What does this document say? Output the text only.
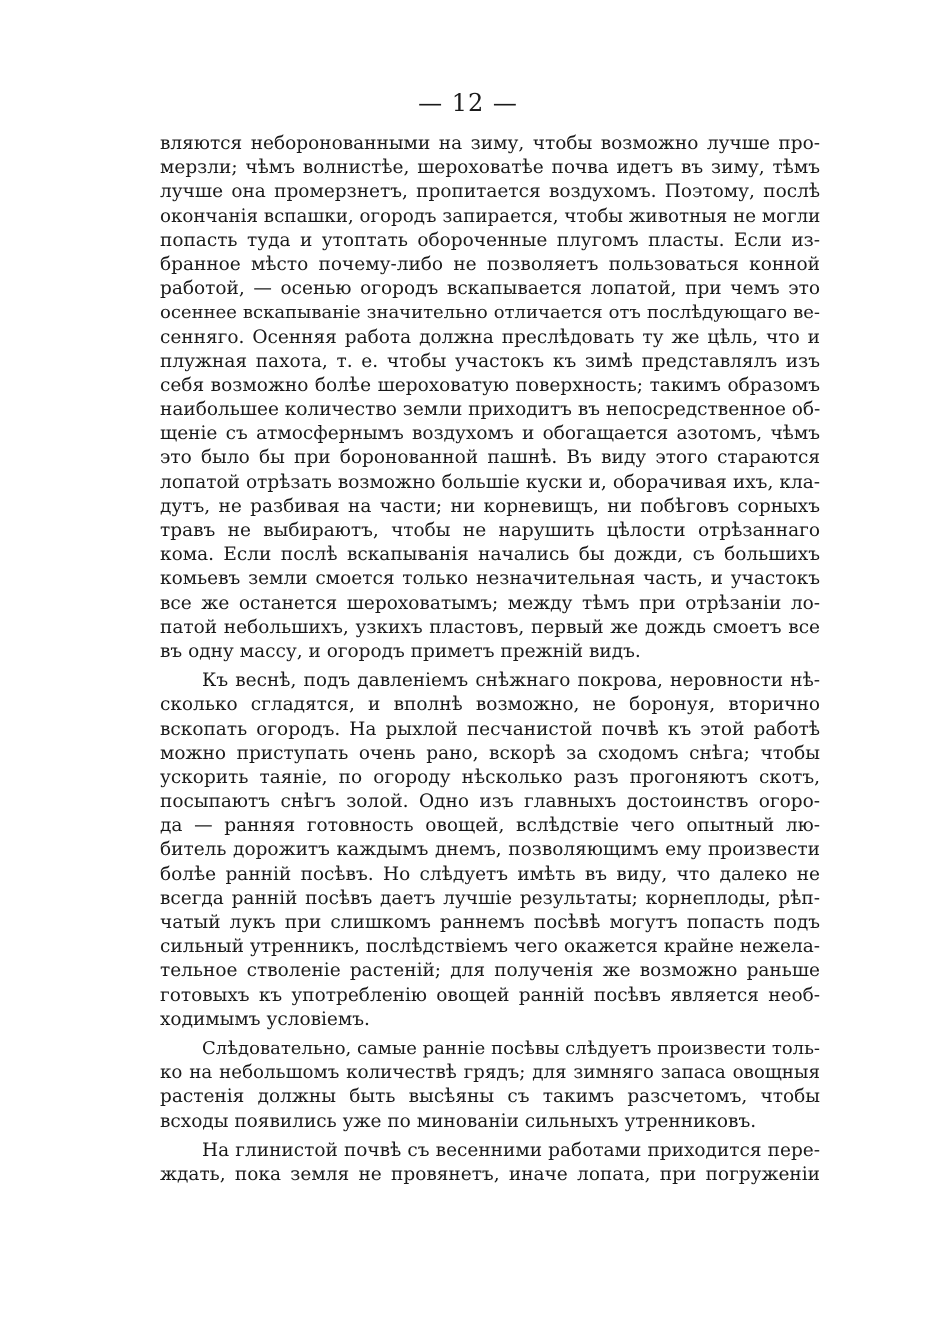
— 12 —
вляются неборонованными на зиму, чтобы возможно лучше про-
мерзли; чѣмъ волнистѣе, шероховатѣе почва идетъ въ зиму, тѣмъ
лучше она промерзнетъ, пропитается воздухомъ. Поэтому, послѣ
окончанія вспашки, огородъ запирается, чтобы животныя не могли
попасть туда и утоптать обороченные плугомъ пласты. Если из-
бранное мѣсто почему-либо не позволяетъ пользоваться конной
работой, — осенью огородъ вскапывается лопатой, при чемъ это
осеннее вскапываніе значительно отличается отъ послѣдующаго ве-
сенняго. Осенняя работа должна преслѣдовать ту же цѣль, что и
плужная пахота, т. е. чтобы участокъ къ зимѣ представлялъ изъ
себя возможно болѣе шероховатую поверхность; такимъ образомъ
наибольшее количество земли приходитъ въ непосредственное об-
щеніе съ атмосфернымъ воздухомъ и обогащается азотомъ, чѣмъ
это было бы при боронованной пашнѣ. Въ виду этого стараются
лопатой отрѣзать возможно большіе куски и, оборачивая ихъ, кла-
дутъ, не разбивая на части; ни корневищъ, ни побѣговъ сорныхъ
травъ не выбираютъ, чтобы не нарушить цѣлости отрѣзаннаго
кома. Если послѣ вскапыванія начались бы дожди, съ большихъ
комьевъ земли смоется только незначительная часть, и участокъ
все же останется шероховатымъ; между тѣмъ при отрѣзаніи ло-
патой небольшихъ, узкихъ пластовъ, первый же дождь смоетъ все
въ одну массу, и огородъ приметъ прежній видъ.
Къ веснѣ, подъ давленіемъ снѣжнаго покрова, неровности нѣ-
сколько сгладятся, и вполнѣ возможно, не боронуя, вторично
вскопать огородъ. На рыхлой песчанистой почвѣ къ этой работѣ
можно приступать очень рано, вскорѣ за сходомъ снѣга; чтобы
ускорить таяніе, по огороду нѣсколько разъ прогоняютъ скотъ,
посыпаютъ снѣгъ золой. Одно изъ главныхъ достоинствъ огоро-
да — ранняя готовность овощей, вслѣдствіе чего опытный лю-
битель дорожитъ каждымъ днемъ, позволяющимъ ему произвести
болѣе ранній посѣвъ. Но слѣдуетъ имѣть въ виду, что далеко не
всегда ранній посѣвъ даетъ лучшіе результаты; корнеплоды, рѣп-
чатый лукъ при слишкомъ раннемъ посѣвѣ могутъ попасть подъ
сильный утренникъ, послѣдствіемъ чего окажется крайне нежела-
тельное стволеніе растеній; для полученія же возможно раньше
готовыхъ къ употребленію овощей ранній посѣвъ является необ-
ходимымъ условіемъ.
Слѣдовательно, самые ранніе посѣвы слѣдуетъ произвести толь-
ко на небольшомъ количествѣ грядъ; для зимняго запаса овощныя
растенія должны быть высѣяны съ такимъ разсчетомъ, чтобы
всходы появились уже по минованіи сильныхъ утренниковъ.
На глинистой почвѣ съ весенними работами приходится пере-
ждать, пока земля не провянетъ, иначе лопата, при погруженіи
